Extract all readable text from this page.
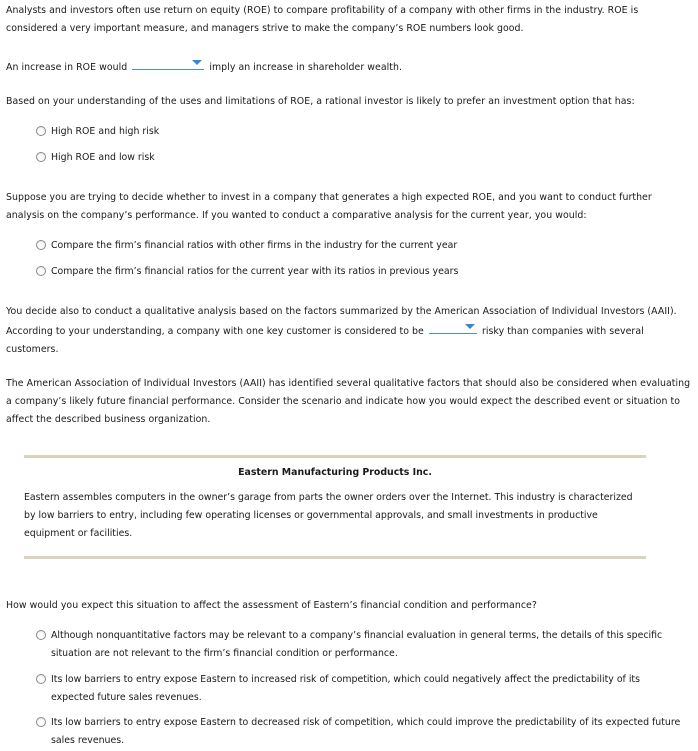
Analysts and investors often use return on equity (ROE) to compare profitability of a company with other firms in the industry. ROE is considered a very important measure, and managers strive to make the company’s ROE numbers look good.

An increase in ROE would	imply an increase in shareholder wealth.

Based on your understanding of the uses and limitations of ROE, a rational investor is likely to prefer an investment option that has:

High ROE and high risk
High ROE and low risk

Suppose you are trying to decide whether to invest in a company that generates a high expected ROE, and you want to conduct further analysis on the company’s performance. If you wanted to conduct a comparative analysis for the current year, you would:

Compare the firm’s financial ratios with other firms in the industry for the current year
Compare the firm’s financial ratios for the current year with its ratios in previous years
You decide also to conduct a qualitative analysis based on the factors summarized by the American Association of Individual Investors (AAII). According to your understanding, a company with one key customer is considered to be	risky than companies with several customers.

The American Association of Individual Investors (AAII) has identified several qualitative factors that should also be considered when evaluating a company’s likely future financial performance. Consider the scenario and indicate how you would expect the described event or situation to affect the described business organization.

Eastern Manufacturing Products Inc.
Eastern assembles computers in the owner’s garage from parts the owner orders over the Internet. This industry is characterized by low barriers to entry, including few operating licenses or governmental approvals, and small investments in productive equipment or facilities.

How would you expect this situation to affect the assessment of Eastern’s financial condition and performance?

Although nonquantitative factors may be relevant to a company’s financial evaluation in general terms, the details of this specific situation are not relevant to the firm’s financial condition or performance.
Its low barriers to entry expose Eastern to increased risk of competition, which could negatively affect the predictability of its expected future sales revenues.
Its low barriers to entry expose Eastern to decreased risk of competition, which could improve the predictability of its expected future sales revenues.
